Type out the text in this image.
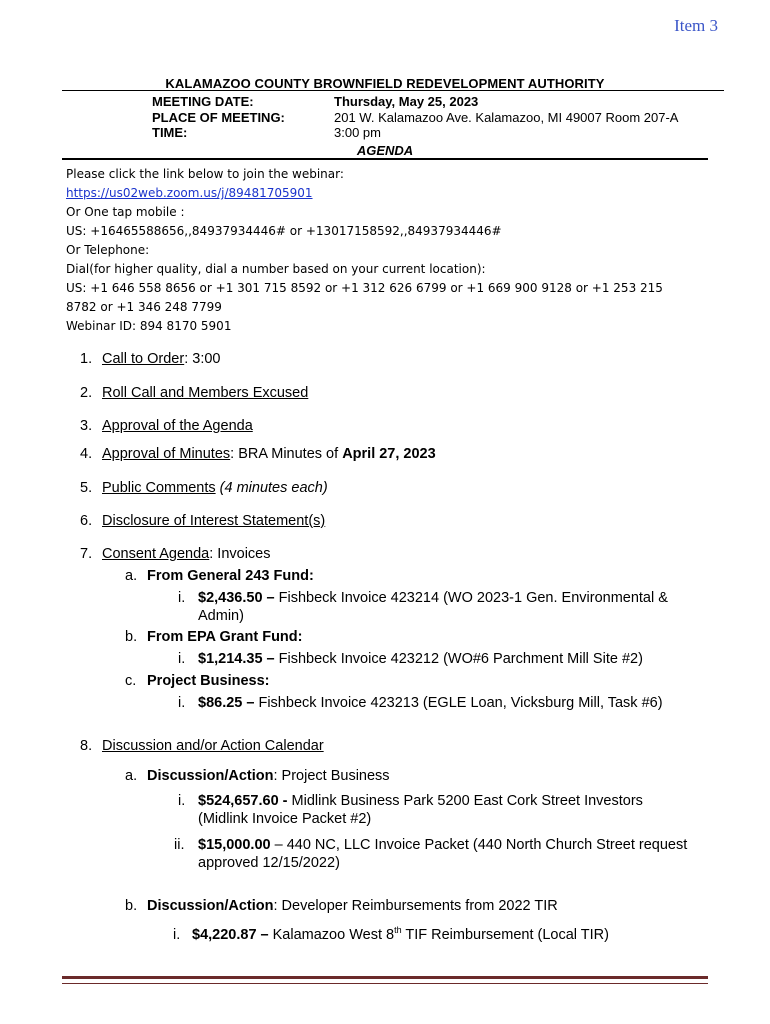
Item 3
KALAMAZOO COUNTY BROWNFIELD REDEVELOPMENT AUTHORITY
MEETING DATE:	Thursday, May 25, 2023
PLACE OF MEETING:	201 W. Kalamazoo Ave. Kalamazoo, MI 49007 Room 207-A
TIME:	3:00 pm
AGENDA
Please click the link below to join the webinar:
https://us02web.zoom.us/j/89481705901
Or One tap mobile :
US: +16465588656,,84937934446# or +13017158592,,84937934446#
Or Telephone:
Dial(for higher quality, dial a number based on your current location):
US: +1 646 558 8656 or +1 301 715 8592 or +1 312 626 6799 or +1 669 900 9128 or +1 253 215
8782 or +1 346 248 7799
Webinar ID: 894 8170 5901
1. Call to Order: 3:00
2. Roll Call and Members Excused
3. Approval of the Agenda
4. Approval of Minutes: BRA Minutes of April 27, 2023
5. Public Comments (4 minutes each)
6. Disclosure of Interest Statement(s)
7. Consent Agenda: Invoices
a. From General 243 Fund:
i. $2,436.50 – Fishbeck Invoice 423214 (WO 2023-1 Gen. Environmental &
Admin)
b. From EPA Grant Fund:
i. $1,214.35 – Fishbeck Invoice 423212 (WO#6 Parchment Mill Site #2)
c. Project Business:
i. $86.25 – Fishbeck Invoice 423213 (EGLE Loan, Vicksburg Mill, Task #6)
8. Discussion and/or Action Calendar
a. Discussion/Action: Project Business
i. $524,657.60 - Midlink Business Park 5200 East Cork Street Investors
(Midlink Invoice Packet #2)
ii. $15,000.00 – 440 NC, LLC Invoice Packet (440 North Church Street request
approved 12/15/2022)
b. Discussion/Action: Developer Reimbursements from 2022 TIR
i. $4,220.87 – Kalamazoo West 8th TIF Reimbursement (Local TIR)
